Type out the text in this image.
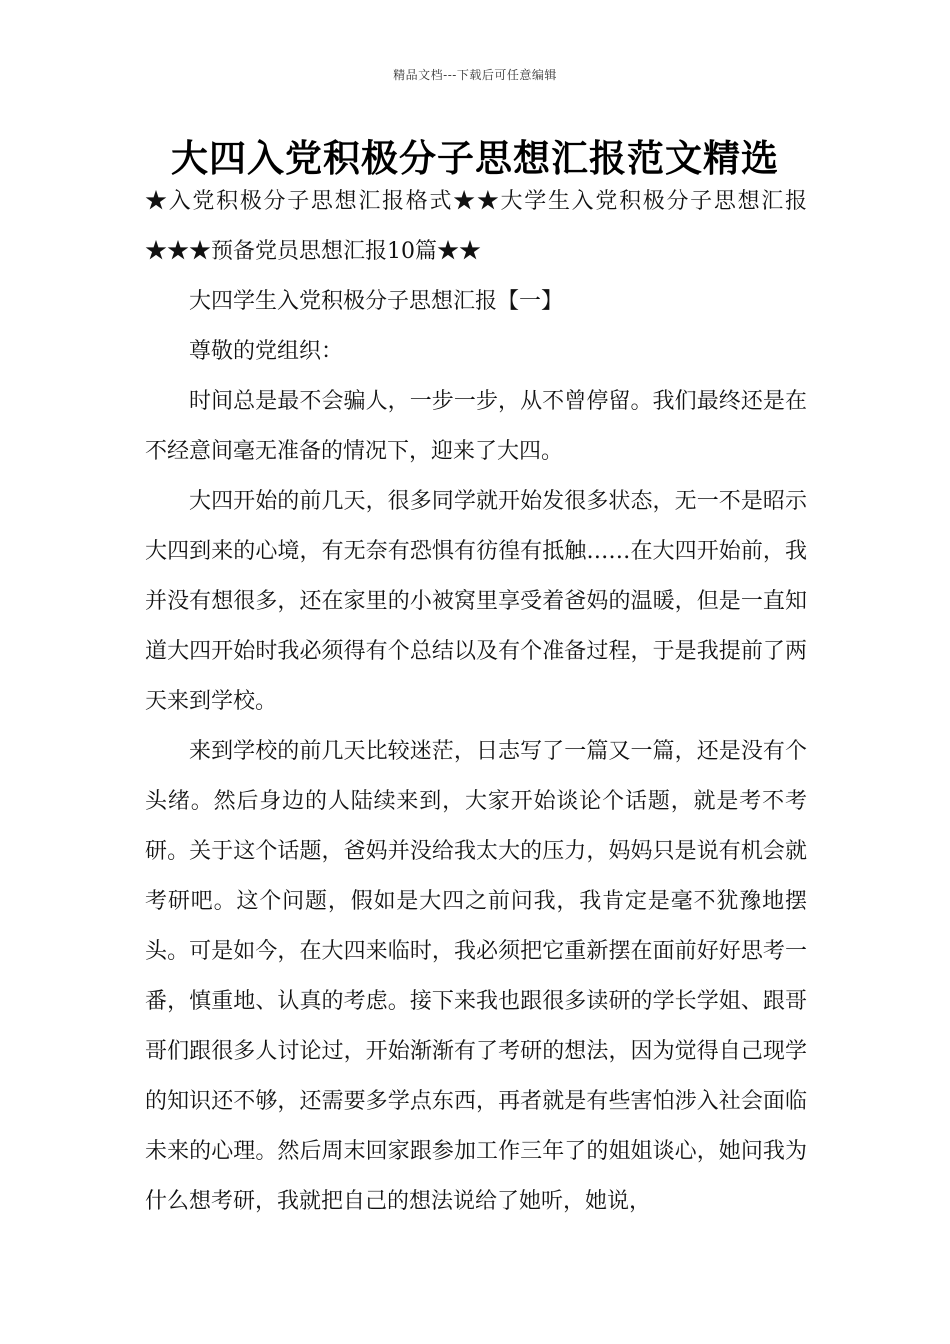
精品文档---下载后可任意编辑
大四入党积极分子思想汇报范文精选

★入党积极分子思想汇报格式★★大学生入党积极分子思想汇报★★★预备党员思想汇报10篇★★

大四学生入党积极分子思想汇报【一】

尊敬的党组织：

时间总是最不会骗人，一步一步，从不曾停留。我们最终还是在不经意间毫无准备的情况下，迎来了大四。

大四开始的前几天，很多同学就开始发很多状态，无一不是昭示大四到来的心境，有无奈有恐惧有彷徨有抵触……在大四开始前，我并没有想很多，还在家里的小被窝里享受着爸妈的温暖，但是一直知道大四开始时我必须得有个总结以及有个准备过程，于是我提前了两天来到学校。

来到学校的前几天比较迷茫，日志写了一篇又一篇，还是没有个头绪。然后身边的人陆续来到，大家开始谈论个话题，就是考不考研。关于这个话题，爸妈并没给我太大的压力，妈妈只是说有机会就考研吧。这个问题，假如是大四之前问我，我肯定是毫不犹豫地摆头。可是如今，在大四来临时，我必须把它重新摆在面前好好思考一番，慎重地、认真的考虑。接下来我也跟很多读研的学长学姐、跟哥哥们跟很多人讨论过，开始渐渐有了考研的想法，因为觉得自己现学的知识还不够，还需要多学点东西，再者就是有些害怕涉入社会面临未来的心理。然后周末回家跟参加工作三年了的姐姐谈心，她问我为什么想考研，我就把自己的想法说给了她听，她说，
